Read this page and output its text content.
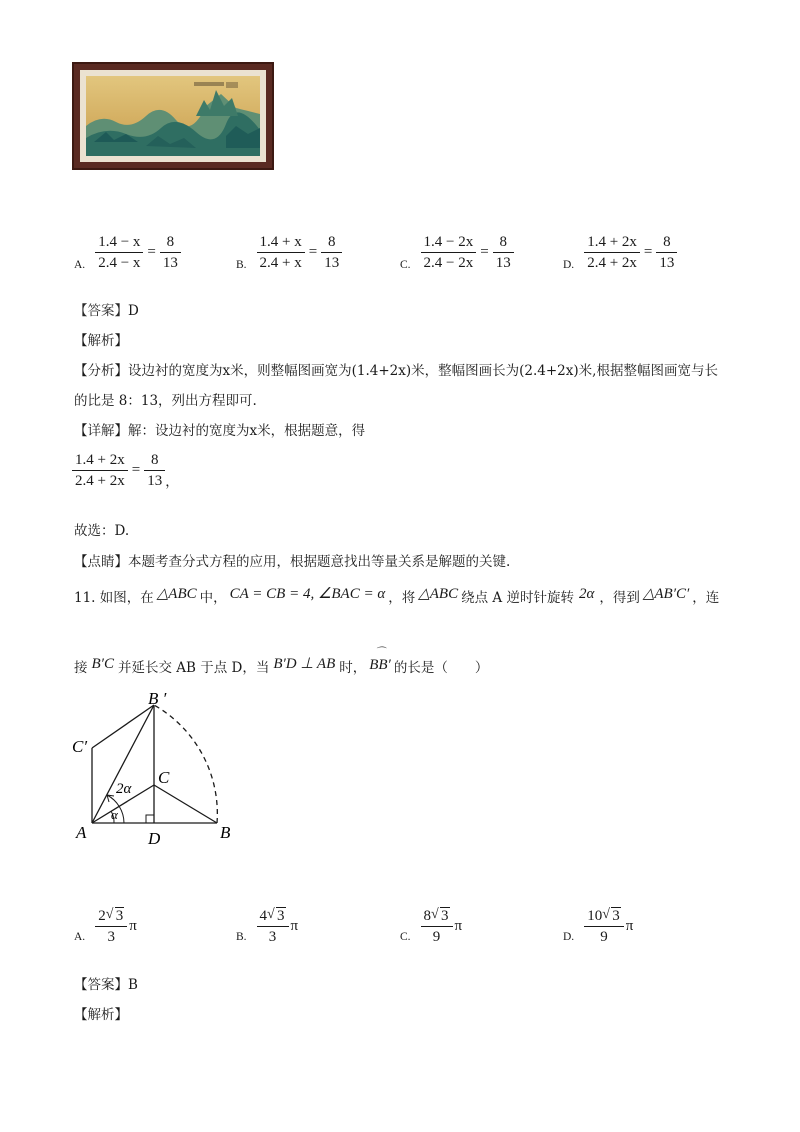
A. $\frac{1.4 - x}{2.4 - x} = \frac{8}{13}$	B. $\frac{1.4 + x}{2.4 + x} = \frac{8}{13}$	C. $\frac{1.4 - 2x}{2.4 - 2x} = \frac{8}{13}$	D. $\frac{1.4 + 2x}{2.4 + 2x} = \frac{8}{13}$
【答案】D
【解析】
【分析】设边衬的宽度为x米，则整幅图画宽为(1.4+2x)米，整幅图画长为(2.4+2x)米,根据整幅图画宽与长
的比是 8：13，列出方程即可.
【详解】解：设边衬的宽度为x米，根据题意，得
$\frac{1.4 + 2x}{2.4 + 2x} = \frac{8}{13}$ ，
故选：D.
【点睛】本题考查分式方程的应用，根据题意找出等量关系是解题的关键.
11. 如图，在 △ABC 中， CA = CB = 4, ∠BAC = α ，将 △ABC 绕点 A 逆时针旋转 2α ，得到 △AB′C′ ，连
接 B′C 并延长交 AB 于点 D，当 B′D ⊥ AB 时，
⌒
BB′ 的长是（　　）
A	B
D
C
B ′
C′
2α
α
A. $\frac{2 √ 3}{3}$ π
B. $\frac{4 √ 3}{3}$ π
C. $\frac{8 √ 3}{9}$ π
D. $\frac{10 √ 3}{9}$ π
【答案】B
【解析】
